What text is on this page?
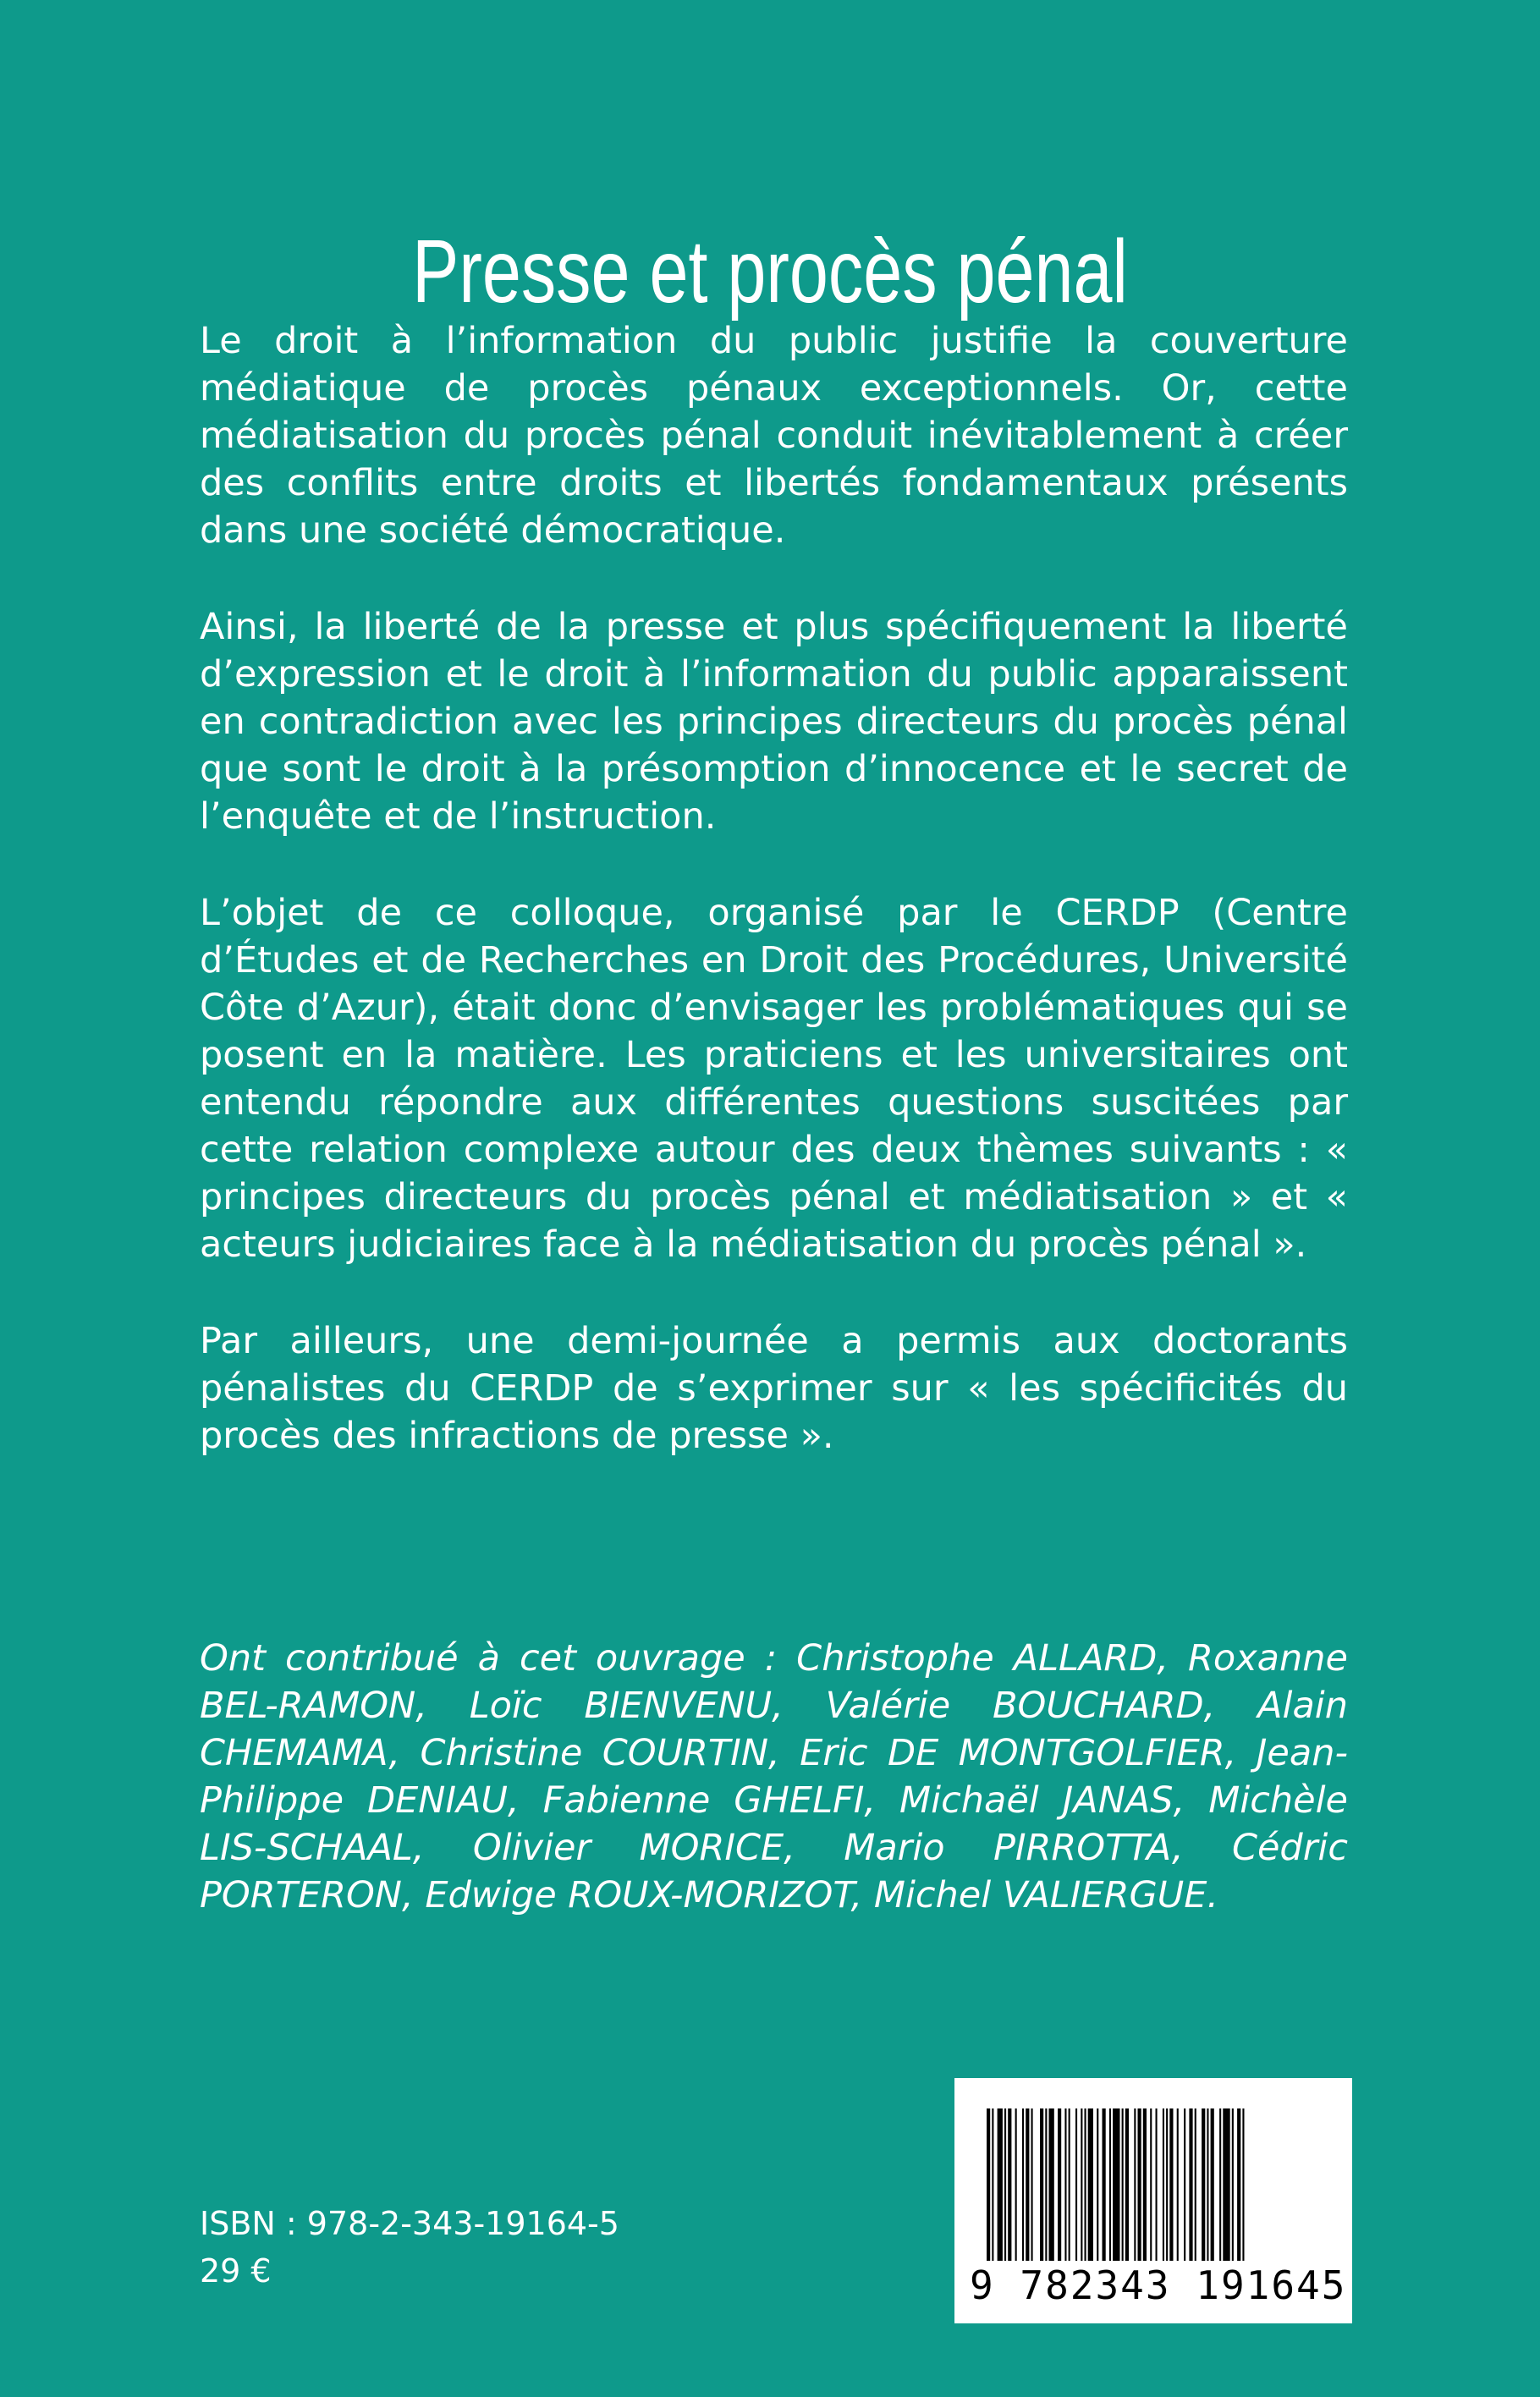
Presse et procès pénal

Le droit à l’information du public justifie la couverture médiatique de procès pénaux exceptionnels. Or, cette médiatisation du procès pénal conduit inévitablement à créer des conflits entre droits et libertés fondamentaux présents dans une société démocratique.

Ainsi, la liberté de la presse et plus spécifiquement la liberté d’expression et le droit à l’information du public apparaissent en contradiction avec les principes directeurs du procès pénal que sont le droit à la présomption d’innocence et le secret de l’enquête et de l’instruction.

L’objet de ce colloque, organisé par le CERDP (Centre d’Études et de Recherches en Droit des Procédures, Université Côte d’Azur), était donc d’envisager les problématiques qui se posent en la matière. Les praticiens et les universitaires ont entendu répondre aux différentes questions suscitées par cette relation complexe autour des deux thèmes suivants : « principes directeurs du procès pénal et médiatisation » et « acteurs judiciaires face à la médiatisation du procès pénal ».

Par ailleurs, une demi-journée a permis aux doctorants pénalistes du CERDP de s’exprimer sur « les spécificités du procès des infractions de presse ».

Ont contribué à cet ouvrage : Christophe ALLARD, Roxanne BEL-RAMON, Loïc BIENVENU, Valérie BOUCHARD, Alain CHEMAMA, Christine COURTIN, Eric DE MONTGOLFIER, Jean-Philippe DENIAU, Fabienne GHELFI, Michaël JANAS, Michèle LIS-SCHAAL, Olivier MORICE, Mario PIRROTTA, Cédric PORTERON, Edwige ROUX-MORIZOT, Michel VALIERGUE.

ISBN : 978-2-343-19164-5
29 €	9 782343 191645
